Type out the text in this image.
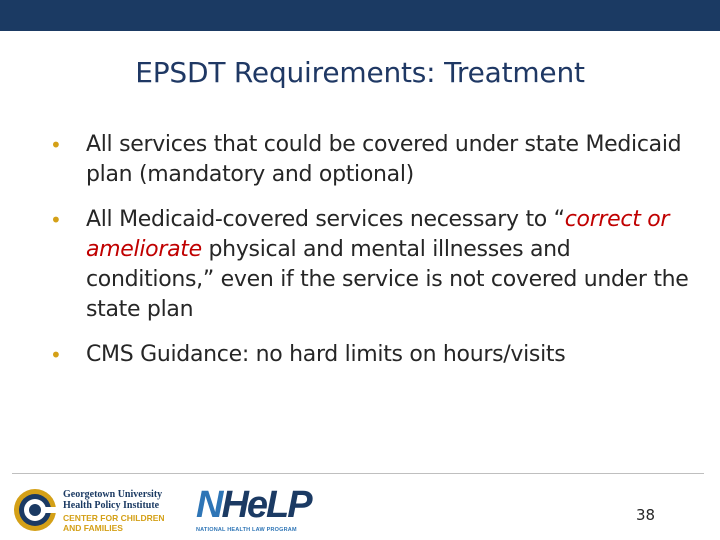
EPSDT Requirements: Treatment
• All services that could be covered under state Medicaid plan (mandatory and optional)
• All Medicaid-covered services necessary to “correct or ameliorate physical and mental illnesses and conditions,” even if the service is not covered under the state plan
• CMS Guidance: no hard limits on hours/visits
Georgetown University
Health Policy Institute
CENTER FOR CHILDREN
AND FAMILIES
NHeLP
NATIONAL HEALTH LAW PROGRAM
38
